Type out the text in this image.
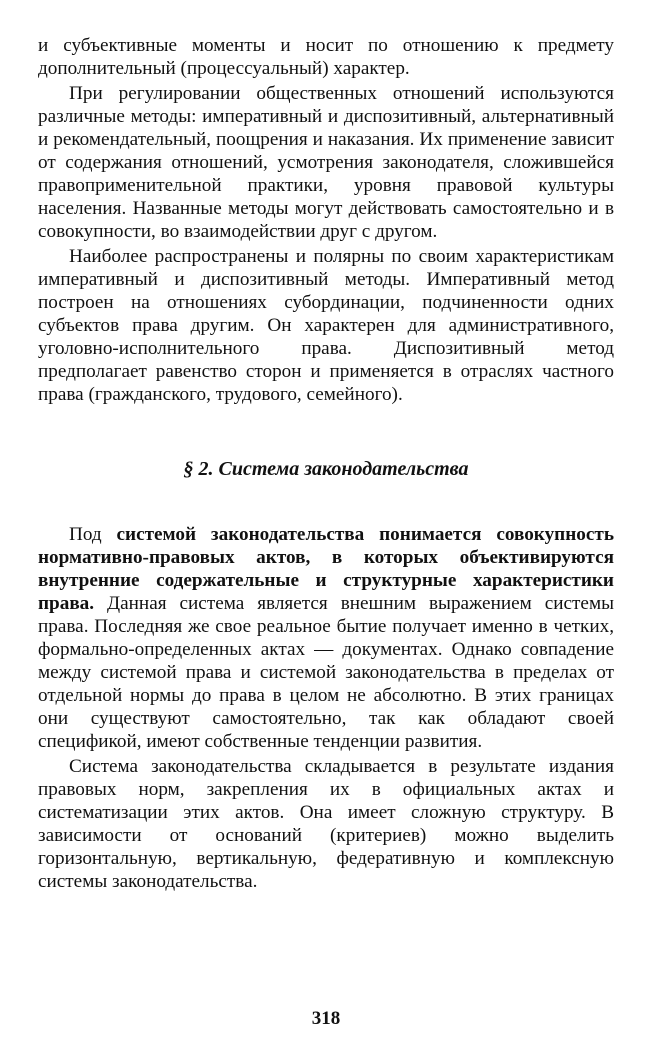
и субъективные моменты и носит по отношению к предмету дополнительный (процессуальный) характер.

При регулировании общественных отношений используются различные методы: императивный и диспозитивный, альтернативный и рекомендательный, поощрения и наказания. Их применение зависит от содержания отношений, усмотрения законодателя, сложившейся правоприменительной практики, уровня правовой культуры населения. Названные методы могут действовать самостоятельно и в совокупности, во взаимодействии друг с другом.

Наиболее распространены и полярны по своим характеристикам императивный и диспозитивный методы. Императивный метод построен на отношениях субординации, подчиненности одних субъектов права другим. Он характерен для административного, уголовно-исполнительного права. Диспозитивный метод предполагает равенство сторон и применяется в отраслях частного права (гражданского, трудового, семейного).

§ 2. Система законодательства

Под системой законодательства понимается совокупность нормативно-правовых актов, в которых объективируются внутренние содержательные и структурные характеристики права. Данная система является внешним выражением системы права. Последняя же свое реальное бытие получает именно в четких, формально-определенных актах — документах. Однако совпадение между системой права и системой законодательства в пределах от отдельной нормы до права в целом не абсолютно. В этих границах они существуют самостоятельно, так как обладают своей спецификой, имеют собственные тенденции развития.

Система законодательства складывается в результате издания правовых норм, закрепления их в официальных актах и систематизации этих актов. Она имеет сложную структуру. В зависимости от оснований (критериев) можно выделить горизонтальную, вертикальную, федеративную и комплексную системы законодательства.

318
